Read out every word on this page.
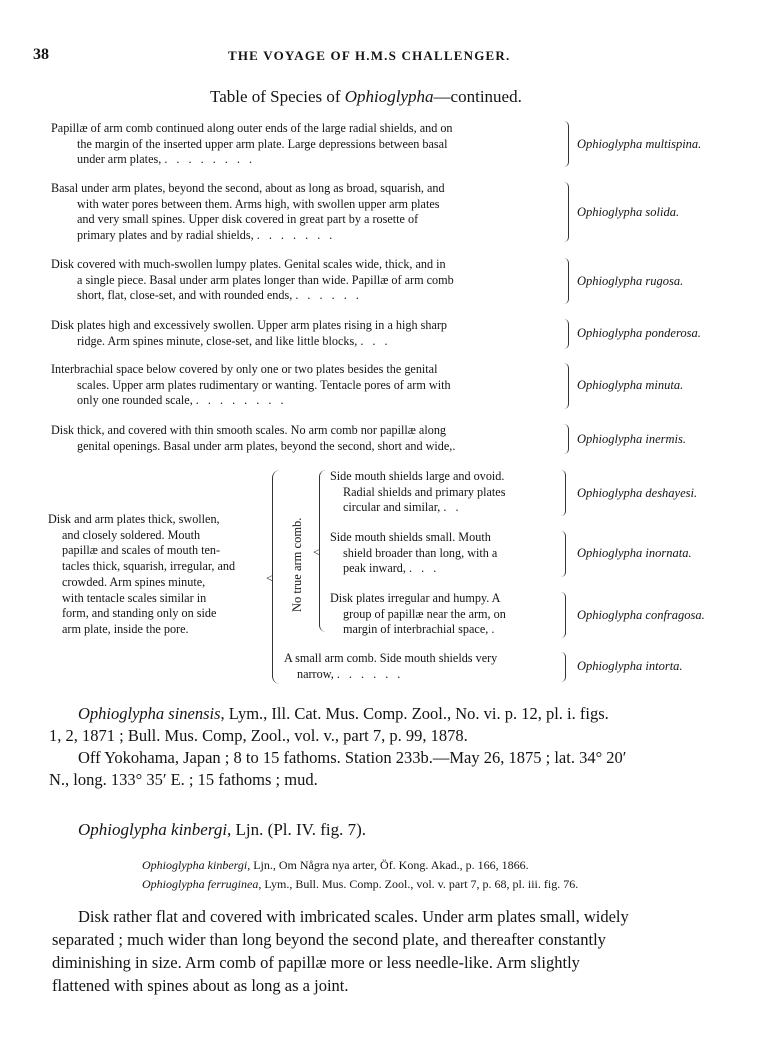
38	THE VOYAGE OF H.M.S CHALLENGER.
Table of Species of Ophioglypha—continued.
Papillæ of arm comb continued along outer ends of the large radial shields, and on
the margin of the inserted upper arm plate. Large depressions between basal
under arm plates, . . . . . . . .
Ophioglypha multispina.
Basal under arm plates, beyond the second, about as long as broad, squarish, and
with water pores between them. Arms high, with swollen upper arm plates
and very small spines. Upper disk covered in great part by a rosette of
primary plates and by radial shields, . . . . . . .
Ophioglypha solida.
Disk covered with much-swollen lumpy plates. Genital scales wide, thick, and in
a single piece. Basal under arm plates longer than wide. Papillæ of arm comb
short, flat, close-set, and with rounded ends, . . . . . .
Ophioglypha rugosa.
Disk plates high and excessively swollen. Upper arm plates rising in a high sharp
ridge. Arm spines minute, close-set, and like little blocks, . . .
Ophioglypha ponderosa.
Interbrachial space below covered by only one or two plates besides the genital
scales. Upper arm plates rudimentary or wanting. Tentacle pores of arm with
only one rounded scale, . . . . . . . .
Ophioglypha minuta.
Disk thick, and covered with thin smooth scales. No arm comb nor papillæ along
genital openings. Basal under arm plates, beyond the second, short and wide,.	Ophioglypha inermis.
Disk and arm plates thick, swollen,
and closely soldered. Mouth
papillæ and scales of mouth ten-
tacles thick, squarish, irregular, and
crowded. Arm spines minute,
with tentacle scales similar in
form, and standing only on side
arm plate, inside the pore.
< No true arm comb. <
Side mouth shields large and ovoid.
Radial shields and primary plates
circular and similar, . .
Ophioglypha deshayesi.
Side mouth shields small. Mouth
shield broader than long, with a
peak inward, . . .
Ophioglypha inornata.
Disk plates irregular and humpy. A
group of papillæ near the arm, on
margin of interbrachial space, .
Ophioglypha confragosa.
A small arm comb. Side mouth shields very
narrow, . . . . . .
Ophioglypha intorta.
Ophioglypha sinensis, Lym., Ill. Cat. Mus. Comp. Zool., No. vi. p. 12, pl. i. figs.
1, 2, 1871 ; Bull. Mus. Comp, Zool., vol. v., part 7, p. 99, 1878.
Off Yokohama, Japan ; 8 to 15 fathoms. Station 233b.—May 26, 1875 ; lat. 34° 20′
N., long. 133° 35′ E. ; 15 fathoms ; mud.
Ophioglypha kinbergi, Ljn. (Pl. IV. fig. 7).
Ophioglypha kinbergi, Ljn., Om Några nya arter, Öf. Kong. Akad., p. 166, 1866.
Ophioglypha ferruginea, Lym., Bull. Mus. Comp. Zool., vol. v. part 7, p. 68, pl. iii. fig. 76.
Disk rather flat and covered with imbricated scales. Under arm plates small, widely
separated ; much wider than long beyond the second plate, and thereafter constantly
diminishing in size. Arm comb of papillæ more or less needle-like. Arm slightly
flattened with spines about as long as a joint.
